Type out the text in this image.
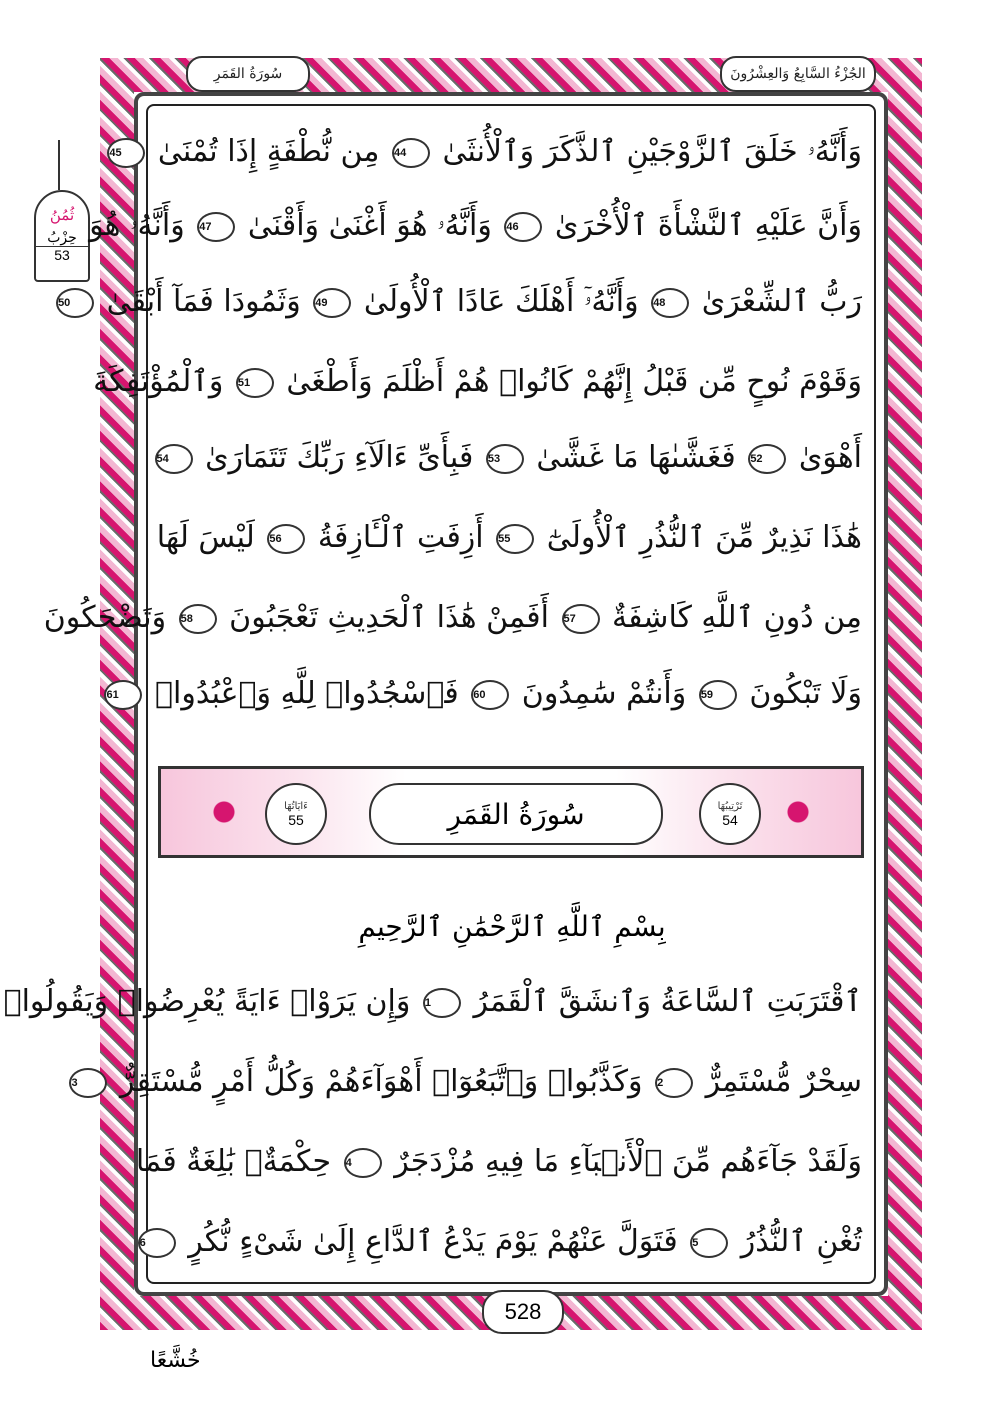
الجُزْءُ السَّابِعُ وَالعِشْرُونَ
سُورَةُ القَمَرِ
ثُمُنُ
حِزْبُ
53
وَأَنَّهُۥ خَلَقَ ٱلزَّوْجَيْنِ ٱلذَّكَرَ وَٱلْأُنثَىٰ 44 مِن نُّطْفَةٍ إِذَا تُمْنَىٰ 45
وَأَنَّ عَلَيْهِ ٱلنَّشْأَةَ ٱلْأُخْرَىٰ 46 وَأَنَّهُۥ هُوَ أَغْنَىٰ وَأَقْنَىٰ 47 وَأَنَّهُۥ هُوَ
رَبُّ ٱلشِّعْرَىٰ 48 وَأَنَّهُۥٓ أَهْلَكَ عَادًا ٱلْأُولَىٰ 49 وَثَمُودَا فَمَآ أَبْقَىٰ 50
وَقَوْمَ نُوحٍ مِّن قَبْلُ إِنَّهُمْ كَانُوا۟ هُمْ أَظْلَمَ وَأَطْغَىٰ 51 وَٱلْمُؤْتَفِكَةَ
أَهْوَىٰ 52 فَغَشَّىٰهَا مَا غَشَّىٰ 53 فَبِأَىِّ ءَالَآءِ رَبِّكَ تَتَمَارَىٰ 54
هَٰذَا نَذِيرٌ مِّنَ ٱلنُّذُرِ ٱلْأُولَىٰٓ 55 أَزِفَتِ ٱلْـَٔازِفَةُ 56 لَيْسَ لَهَا
مِن دُونِ ٱللَّهِ كَاشِفَةٌ 57 أَفَمِنْ هَٰذَا ٱلْحَدِيثِ تَعْجَبُونَ 58 وَتَضْحَكُونَ
وَلَا تَبْكُونَ 59 وَأَنتُمْ سَٰمِدُونَ 60 فَٱسْجُدُوا۟ لِلَّهِ وَٱعْبُدُوا۟ 61
ءَايَاتُهَا
55	سُورَةُ القَمَرِ	تَرْتِيبُهَا
54
بِسْمِ ٱللَّهِ ٱلرَّحْمَٰنِ ٱلرَّحِيمِ
ٱقْتَرَبَتِ ٱلسَّاعَةُ وَٱنشَقَّ ٱلْقَمَرُ 1 وَإِن يَرَوْا۟ ءَايَةً يُعْرِضُوا۟ وَيَقُولُوا۟
سِحْرٌ مُّسْتَمِرٌّ 2 وَكَذَّبُوا۟ وَٱتَّبَعُوٓا۟ أَهْوَآءَهُمْ وَكُلُّ أَمْرٍ مُّسْتَقِرٌّ 3
وَلَقَدْ جَآءَهُم مِّنَ ٱلْأَنۢبَآءِ مَا فِيهِ مُزْدَجَرٌ 4 حِكْمَةٌۢ بَٰلِغَةٌ فَمَا
تُغْنِ ٱلنُّذُرُ 5 فَتَوَلَّ عَنْهُمْ يَوْمَ يَدْعُ ٱلدَّاعِ إِلَىٰ شَىْءٍ نُّكُرٍ 6
528
خُشَّعًا
